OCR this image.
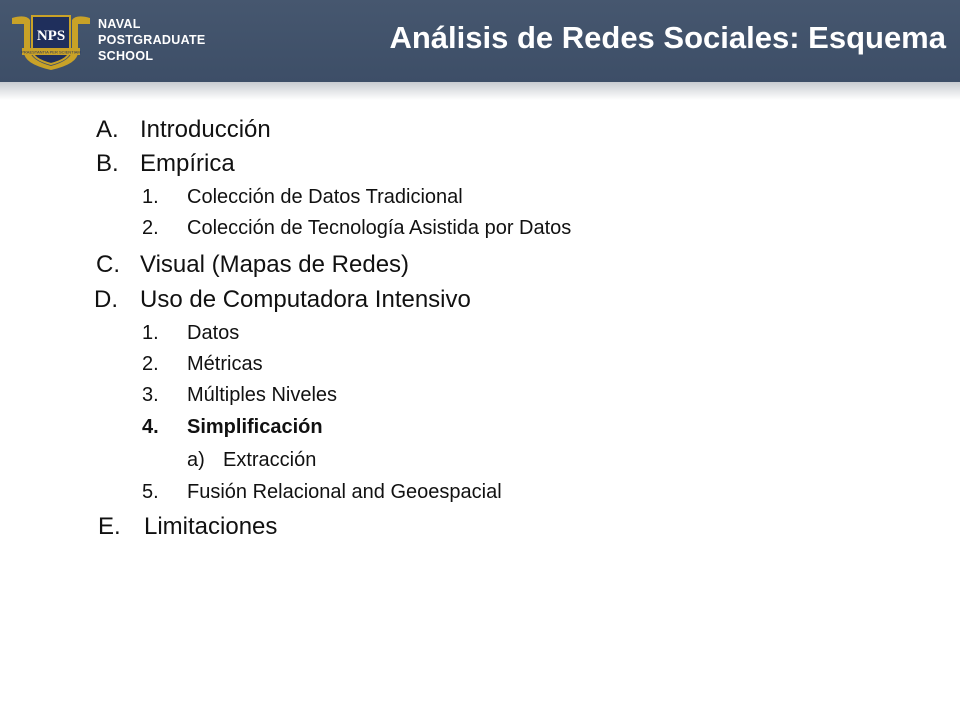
NPS
PRAESTANTIA PER SCIENTIAM
NAVAL
POSTGRADUATE
SCHOOL
Análisis de Redes Sociales: Esquema
A. Introducción
B. Empírica
1. Colección de Datos Tradicional
2. Colección de Tecnología Asistida por Datos
C. Visual (Mapas de Redes)
D. Uso de Computadora Intensivo
1. Datos
2. Métricas
3. Múltiples Niveles
4. Simplificación
a) Extracción
5. Fusión Relacional and Geoespacial
E. Limitaciones
